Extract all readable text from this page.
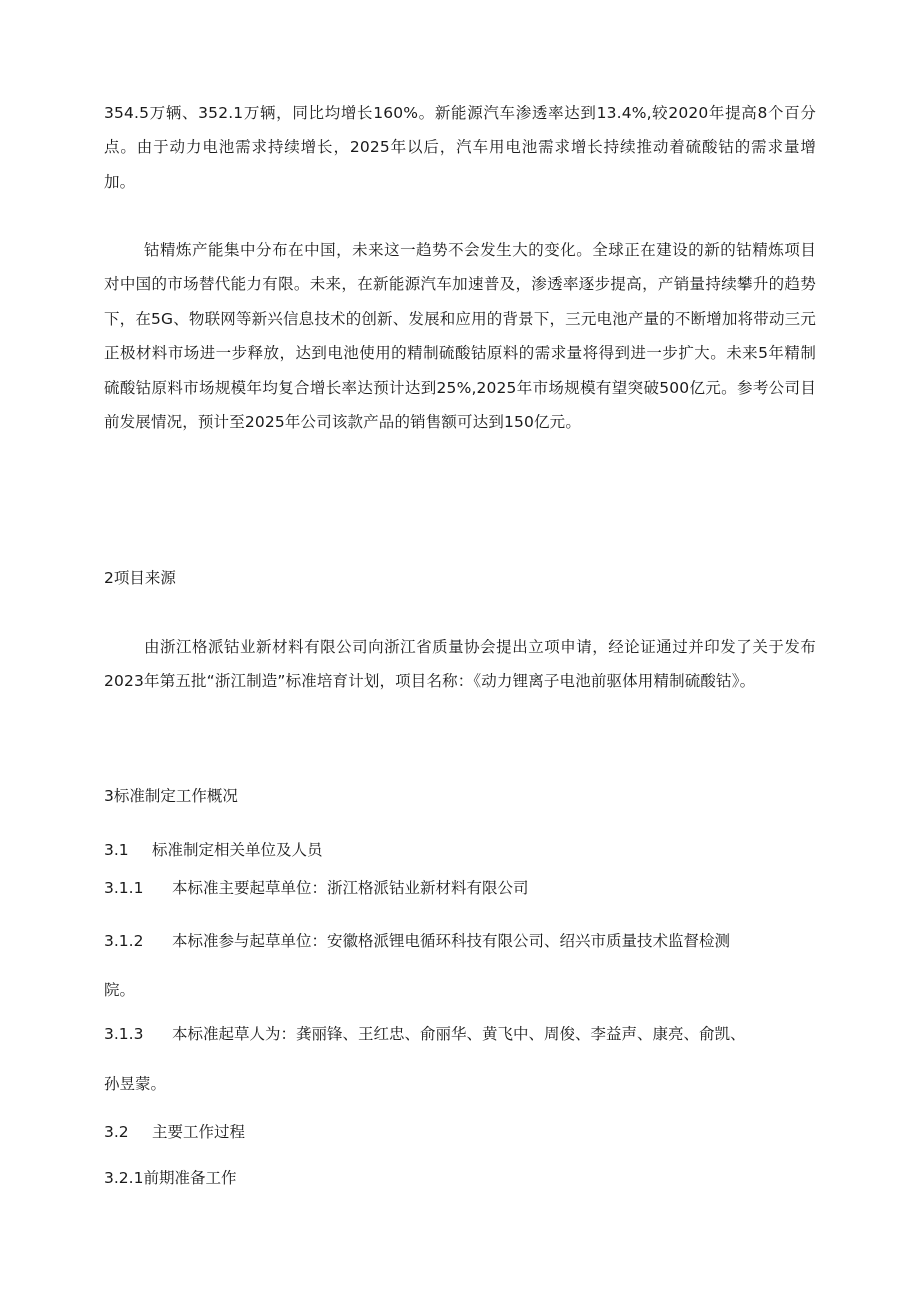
354.5万辆、352.1万辆，同比均增长160%。新能源汽车渗透率达到13.4%,较2020年提高8个百分点。由于动力电池需求持续增长，2025年以后，汽车用电池需求增长持续推动着硫酸钴的需求量增加。

钴精炼产能集中分布在中国，未来这一趋势不会发生大的变化。全球正在建设的新的钴精炼项目对中国的市场替代能力有限。未来，在新能源汽车加速普及，渗透率逐步提高，产销量持续攀升的趋势下，在5G、物联网等新兴信息技术的创新、发展和应用的背景下，三元电池产量的不断增加将带动三元正极材料市场进一步释放，达到电池使用的精制硫酸钴原料的需求量将得到进一步扩大。未来5年精制硫酸钴原料市场规模年均复合增长率达预计达到25%,2025年市场规模有望突破500亿元。参考公司目前发展情况，预计至2025年公司该款产品的销售额可达到150亿元。

2项目来源

由浙江格派钴业新材料有限公司向浙江省质量协会提出立项申请，经论证通过并印发了关于发布2023年第五批“浙江制造”标准培育计划，项目名称：《动力锂离子电池前驱体用精制硫酸钴》。

3标准制定工作概况

3.1 标准制定相关单位及人员

3.1.1 本标准主要起草单位：浙江格派钴业新材料有限公司

3.1.2 本标准参与起草单位：安徽格派锂电循环科技有限公司、绍兴市质量技术监督检测

院。

3.1.3 本标准起草人为：龚丽锋、王红忠、俞丽华、黄飞中、周俊、李益声、康亮、俞凯、

孙昱蒙。

3.2 主要工作过程

3.2.1前期准备工作
